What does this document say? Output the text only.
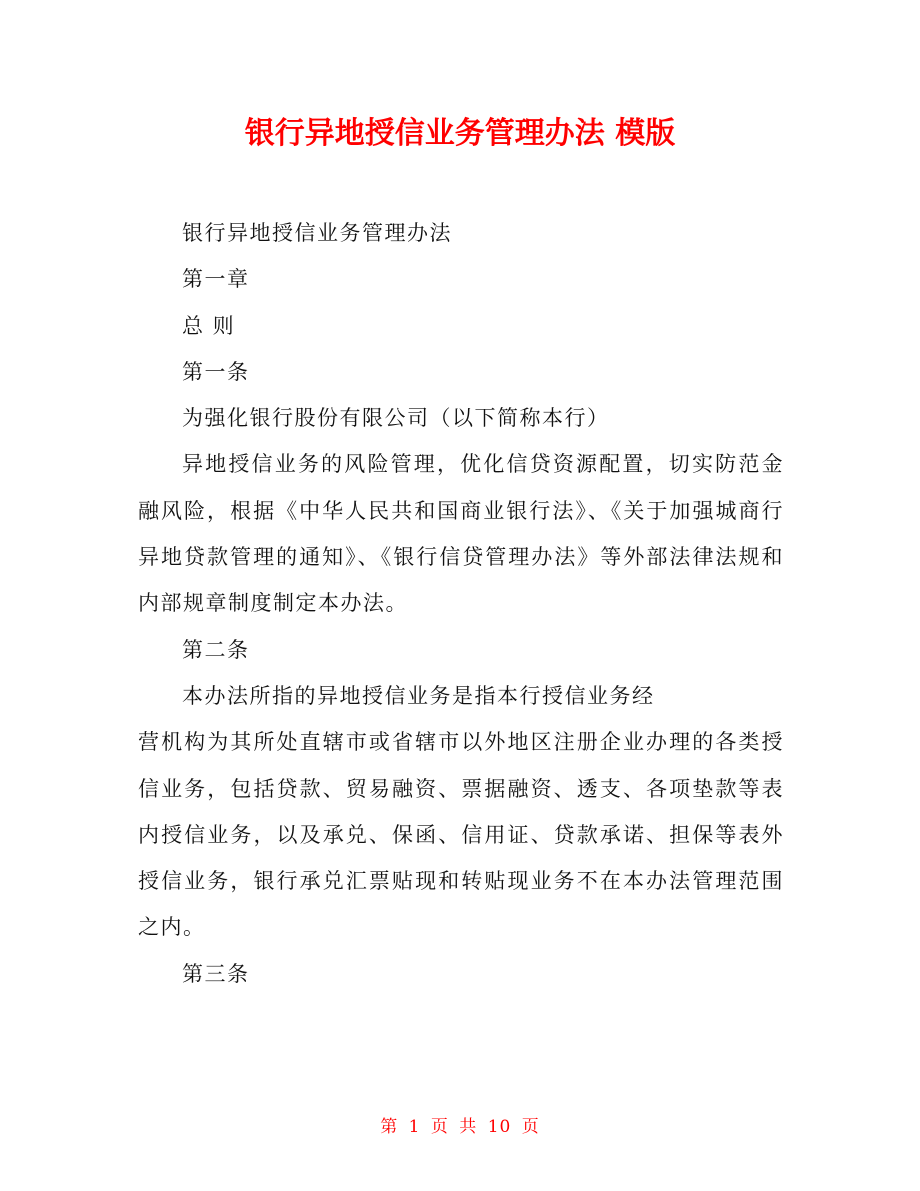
银行异地授信业务管理办法 模版

银行异地授信业务管理办法

第一章

总 则

第一条

为强化银行股份有限公司（以下简称本行）

异地授信业务的风险管理，优化信贷资源配置，切实防范金融风险，根据《中华人民共和国商业银行法》、《关于加强城商行异地贷款管理的通知》、《银行信贷管理办法》等外部法律法规和内部规章制度制定本办法。

第二条

本办法所指的异地授信业务是指本行授信业务经

营机构为其所处直辖市或省辖市以外地区注册企业办理的各类授信业务，包括贷款、贸易融资、票据融资、透支、各项垫款等表内授信业务，以及承兑、保函、信用证、贷款承诺、担保等表外授信业务，银行承兑汇票贴现和转贴现业务不在本办法管理范围之内。

第三条

第 1 页 共 10 页
